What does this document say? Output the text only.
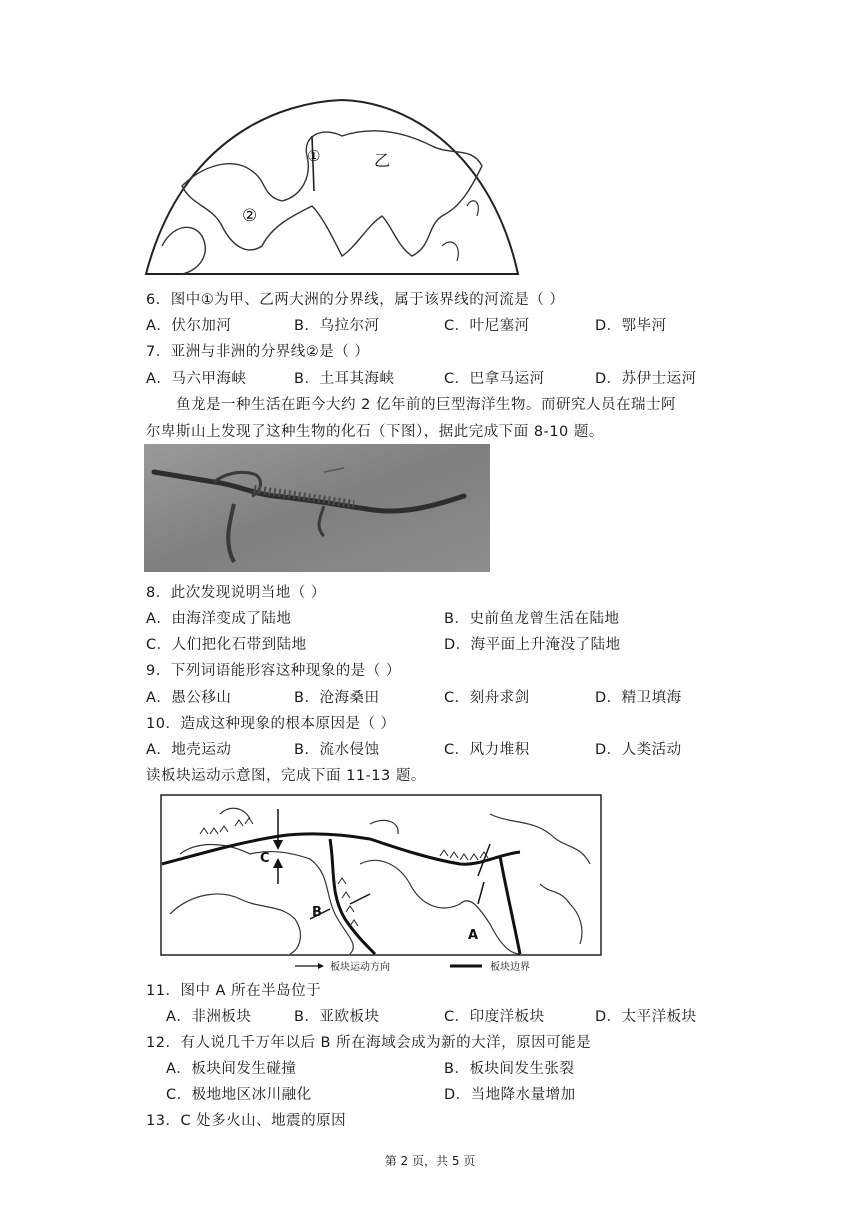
①	乙
②
6．图中①为甲、乙两大洲的分界线，属于该界线的河流是（ ）
A．伏尔加河	B．乌拉尔河	C．叶尼塞河	D．鄂毕河
7．亚洲与非洲的分界线②是（ ）
A．马六甲海峡	B．土耳其海峡	C．巴拿马运河	D．苏伊士运河
鱼龙是一种生活在距今大约 2 亿年前的巨型海洋生物。而研究人员在瑞士阿
尔卑斯山上发现了这种生物的化石（下图），据此完成下面 8-10 题。
8．此次发现说明当地（ ）
A．由海洋变成了陆地	B．史前鱼龙曾生活在陆地
C．人们把化石带到陆地	D．海平面上升淹没了陆地
9．下列词语能形容这种现象的是（ ）
A．愚公移山	B．沧海桑田	C．刻舟求剑	D．精卫填海
10．造成这种现象的根本原因是（ ）
A．地壳运动	B．流水侵蚀	C．风力堆积	D．人类活动
读板块运动示意图，完成下面 11-13 题。
C
B
A
板块运动方向	板块边界
11．图中 A 所在半岛位于
A．非洲板块	B．亚欧板块	C．印度洋板块	D．太平洋板块
12．有人说几千万年以后 B 所在海域会成为新的大洋，原因可能是
A．板块间发生碰撞	B．板块间发生张裂
C．极地地区冰川融化	D．当地降水量增加
13．C 处多火山、地震的原因
第 2 页，共 5 页
